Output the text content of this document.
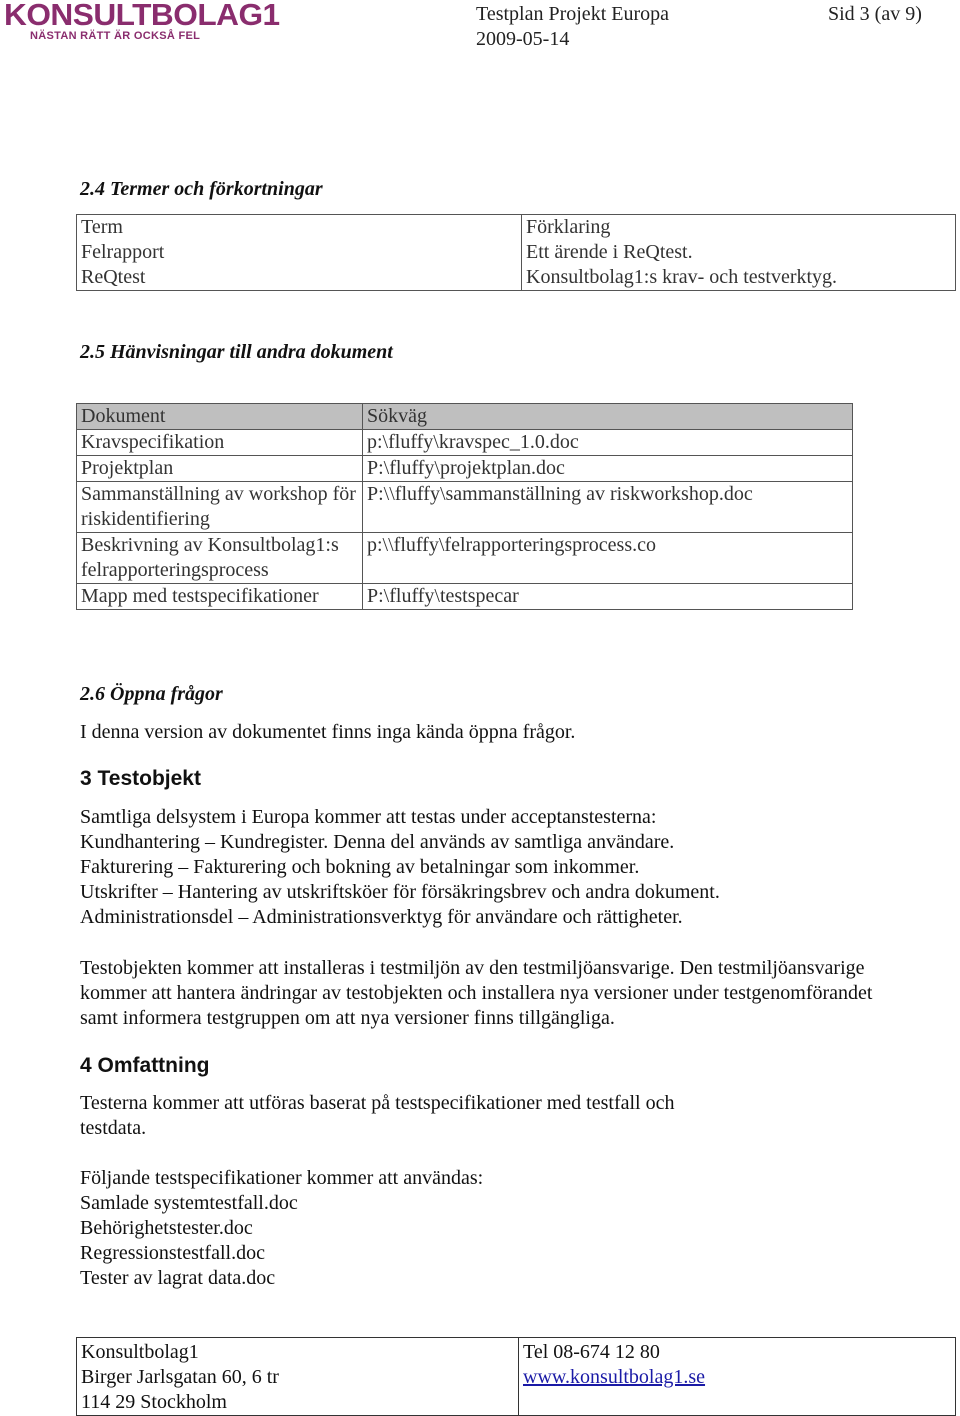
KONSULTBOLAG1
NÄSTAN RÄTT ÄR OCKSÅ FEL
Testplan Projekt Europa
2009-05-14
Sid 3 (av 9)
2.4 Termer och förkortningar
Term	Förklaring
Felrapport	Ett ärende i ReQtest.
ReQtest	Konsultbolag1:s krav- och testverktyg.
2.5 Hänvisningar till andra dokument
Dokument	Sökväg
Kravspecifikation	p:\fluffy\kravspec_1.0.doc
Projektplan	P:\fluffy\projektplan.doc
Sammanställning av workshop för riskidentifiering	P:\\fluffy\sammanställning av riskworkshop.doc
Beskrivning av Konsultbolag1:s felrapporteringsprocess	p:\\fluffy\felrapporteringsprocess.co
Mapp med testspecifikationer	P:\fluffy\testspecar
2.6 Öppna frågor
I denna version av dokumentet finns inga kända öppna frågor.
3 Testobjekt
Samtliga delsystem i Europa kommer att testas under acceptanstesterna:
Kundhantering – Kundregister. Denna del används av samtliga användare.
Fakturering – Fakturering och bokning av betalningar som inkommer.
Utskrifter – Hantering av utskriftsköer för försäkringsbrev och andra dokument.
Administrationsdel – Administrationsverktyg för användare och rättigheter.
Testobjekten kommer att installeras i testmiljön av den testmiljöansvarige. Den testmiljöansvarige
kommer att hantera ändringar av testobjekten och installera nya versioner under testgenomförandet
samt informera testgruppen om att nya versioner finns tillgängliga.
4 Omfattning
Testerna kommer att utföras baserat på testspecifikationer med testfall och
testdata.
Följande testspecifikationer kommer att användas:
Samlade systemtestfall.doc
Behörighetstester.doc
Regressionstestfall.doc
Tester av lagrat data.doc
Konsultbolag1
Birger Jarlsgatan 60, 6 tr
114 29 Stockholm

Tel 08-674 12 80
www.konsultbolag1.se
